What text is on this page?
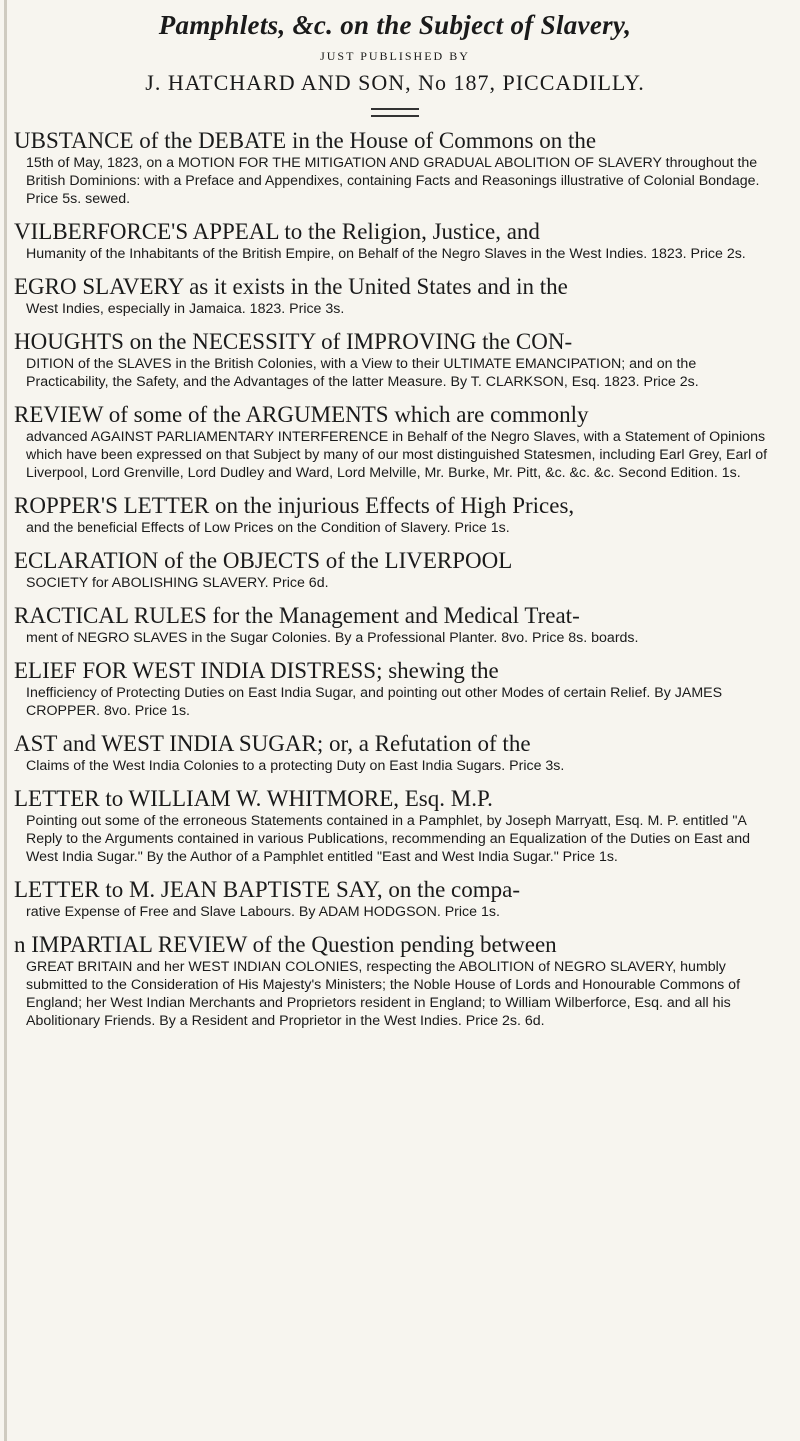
Pamphlets, &c. on the Subject of Slavery,
JUST PUBLISHED BY
J. HATCHARD AND SON, No 187, PICCADILLY.
UBSTANCE of the DEBATE in the House of Commons on the
15th of May, 1823, on a MOTION FOR THE MITIGATION AND GRADUAL ABOLITION OF SLAVERY throughout the British Dominions: with a Preface and Appendixes, containing Facts and Reasonings illustrative of Colonial Bondage. Price 5s. sewed.
VILBERFORCE'S APPEAL to the Religion, Justice, and
Humanity of the Inhabitants of the British Empire, on Behalf of the Negro Slaves in the West Indies. 1823. Price 2s.
EGRO SLAVERY as it exists in the United States and in the
West Indies, especially in Jamaica. 1823. Price 3s.
HOUGHTS on the NECESSITY of IMPROVING the CON-
DITION of the SLAVES in the British Colonies, with a View to their ULTIMATE EMANCIPATION; and on the Practicability, the Safety, and the Advantages of the latter Measure. By T. CLARKSON, Esq. 1823. Price 2s.
REVIEW of some of the ARGUMENTS which are commonly
advanced AGAINST PARLIAMENTARY INTERFERENCE in Behalf of the Negro Slaves, with a Statement of Opinions which have been expressed on that Subject by many of our most distinguished Statesmen, including Earl Grey, Earl of Liverpool, Lord Grenville, Lord Dudley and Ward, Lord Melville, Mr. Burke, Mr. Pitt, &c. &c. &c. Second Edition. 1s.
ROPPER'S LETTER on the injurious Effects of High Prices,
and the beneficial Effects of Low Prices on the Condition of Slavery. Price 1s.
ECLARATION of the OBJECTS of the LIVERPOOL
SOCIETY for ABOLISHING SLAVERY. Price 6d.
RACTICAL RULES for the Management and Medical Treat-
ment of NEGRO SLAVES in the Sugar Colonies. By a Professional Planter. 8vo. Price 8s. boards.
ELIEF FOR WEST INDIA DISTRESS; shewing the
Inefficiency of Protecting Duties on East India Sugar, and pointing out other Modes of certain Relief. By JAMES CROPPER. 8vo. Price 1s.
AST and WEST INDIA SUGAR; or, a Refutation of the
Claims of the West India Colonies to a protecting Duty on East India Sugars. Price 3s.
LETTER to WILLIAM W. WHITMORE, Esq. M.P.
Pointing out some of the erroneous Statements contained in a Pamphlet, by Joseph Marryatt, Esq. M. P. entitled "A Reply to the Arguments contained in various Publications, recommending an Equalization of the Duties on East and West India Sugar." By the Author of a Pamphlet entitled "East and West India Sugar." Price 1s.
LETTER to M. JEAN BAPTISTE SAY, on the compa-
rative Expense of Free and Slave Labours. By ADAM HODGSON. Price 1s.
n IMPARTIAL REVIEW of the Question pending between
GREAT BRITAIN and her WEST INDIAN COLONIES, respecting the ABOLITION of NEGRO SLAVERY, humbly submitted to the Consideration of His Majesty's Ministers; the Noble House of Lords and Honourable Commons of England; her West Indian Merchants and Proprietors resident in England; to William Wilberforce, Esq. and all his Abolitionary Friends. By a Resident and Proprietor in the West Indies. Price 2s. 6d.
